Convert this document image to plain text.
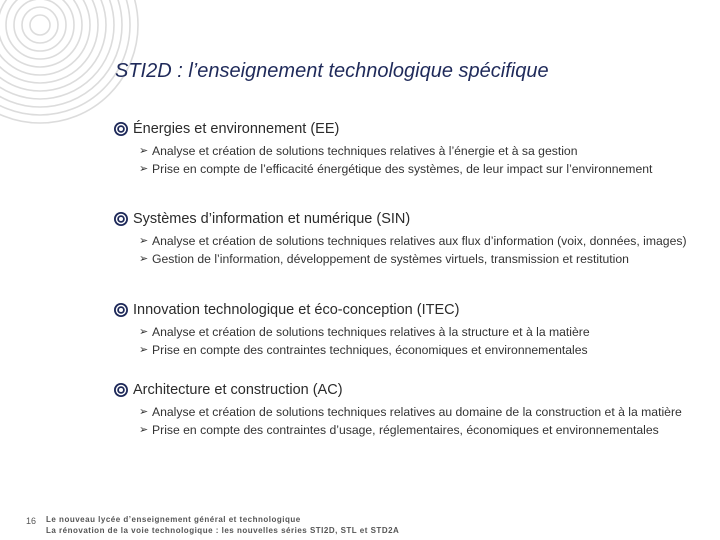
STI2D : l’enseignement technologique spécifique
Énergies et environnement (EE)
➢ Analyse et création de solutions techniques relatives à l’énergie et à sa gestion
➢ Prise en compte de l’efficacité énergétique des systèmes, de leur impact sur l’environnement
Systèmes d’information et numérique (SIN)
➢ Analyse et création de solutions techniques relatives aux flux d’information (voix, données, images)
➢ Gestion de l’information, développement de systèmes virtuels, transmission et restitution
Innovation technologique et éco-conception (ITEC)
➢ Analyse et création de solutions techniques relatives à la structure et à la matière
➢ Prise en compte des contraintes techniques, économiques et environnementales
Architecture et construction (AC)
➢ Analyse et création de solutions techniques relatives au domaine de la construction et à la matière
➢ Prise en compte des contraintes d’usage, réglementaires, économiques et environnementales
16 Le nouveau lycée d’enseignement général et technologique
La rénovation de la voie technologique : les nouvelles séries STI2D, STL et STD2A
